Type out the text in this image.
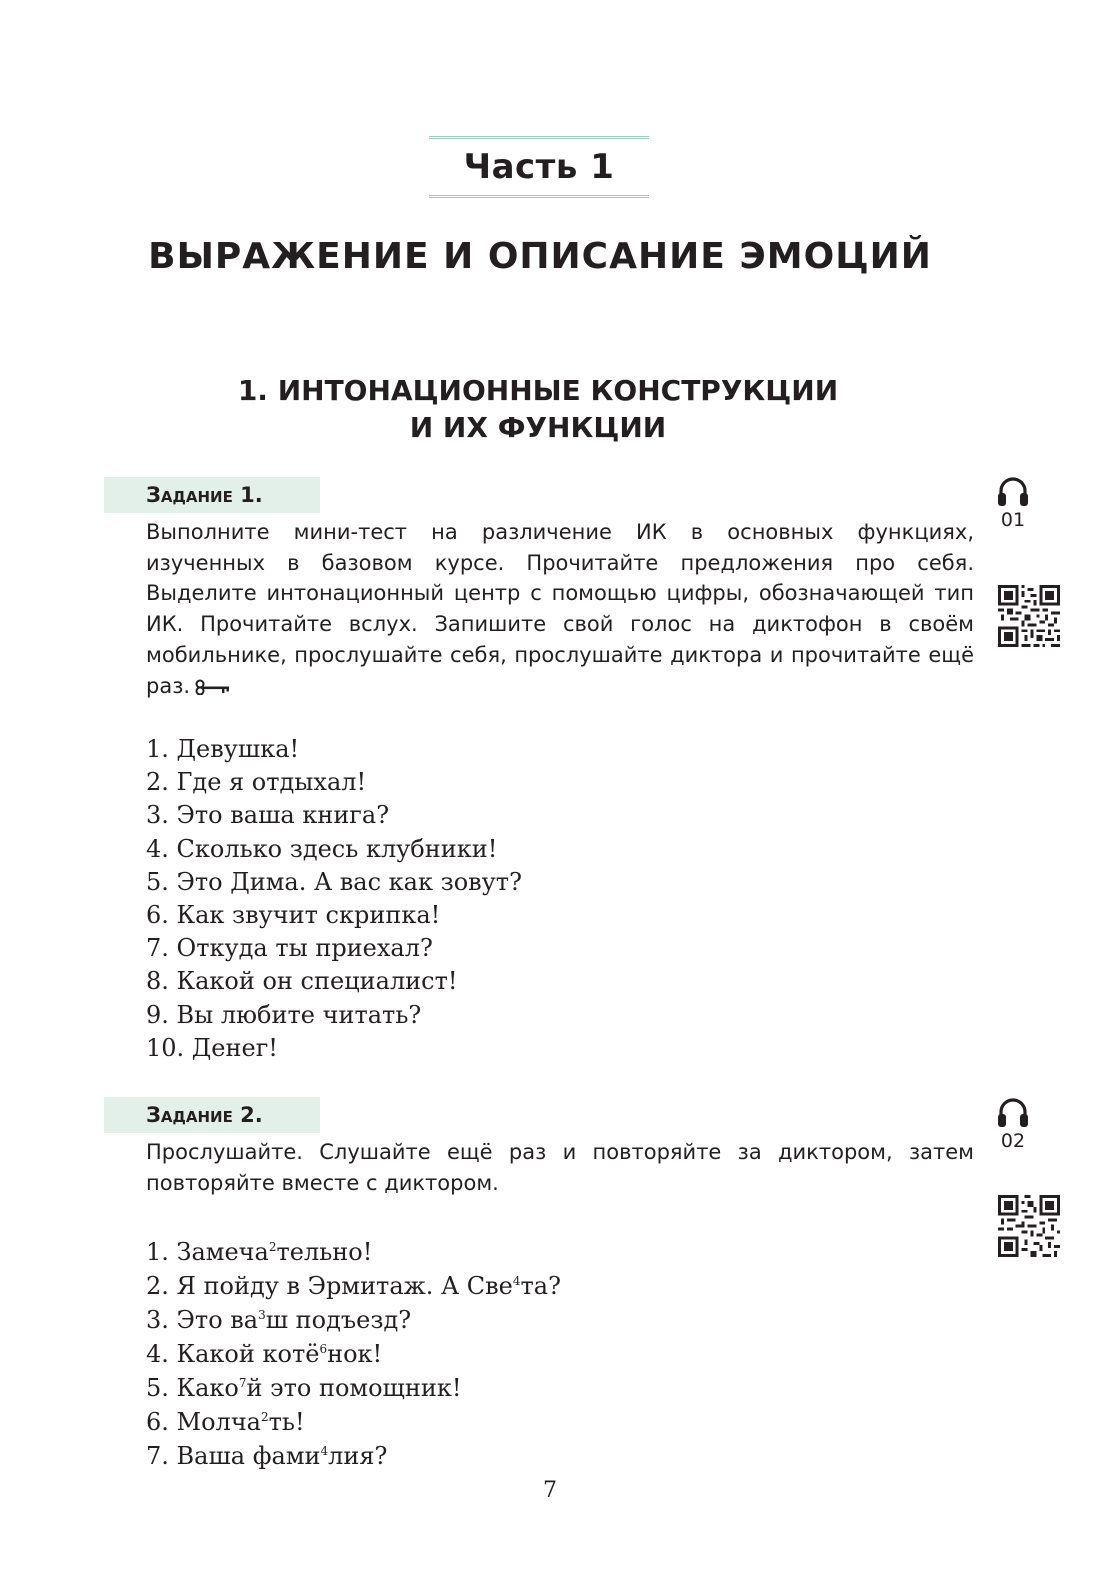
Часть 1
ВЫРАЖЕНИЕ И ОПИСАНИЕ ЭМОЦИЙ
1. ИНТОНАЦИОННЫЕ КОНСТРУКЦИИ
И ИХ ФУНКЦИИ
Задание 1.
01
Выполните мини-тест на различение ИК в основных функциях, изученных в базовом курсе. Прочитайте предложения про себя. Выделите интонационный центр с помощью цифры, обозначающей тип ИК. Прочитайте вслух. Запишите свой голос на диктофон в своём мобильнике, прослушайте себя, прослушайте диктора и прочитайте ещё раз.
1. Девушка!
2. Где я отдыхал!
3. Это ваша книга?
4. Сколько здесь клубники!
5. Это Дима. А вас как зовут?
6. Как звучит скрипка!
7. Откуда ты приехал?
8. Какой он специалист!
9. Вы любите читать?
10. Денег!
Задание 2.
02
Прослушайте. Слушайте ещё раз и повторяйте за диктором, затем повторяйте вместе с диктором.
1. Замеча$^2$тельно!
2. Я пойду в Эрмитаж. А Све$^4$та?
3. Это $ва^3ш$ подъезд?
4. Какой котё$^6$нок!
5. Како$^7$й это помощник!
6. Молча$^2$ть!
7. Ваша фами$^4$лия?
7
